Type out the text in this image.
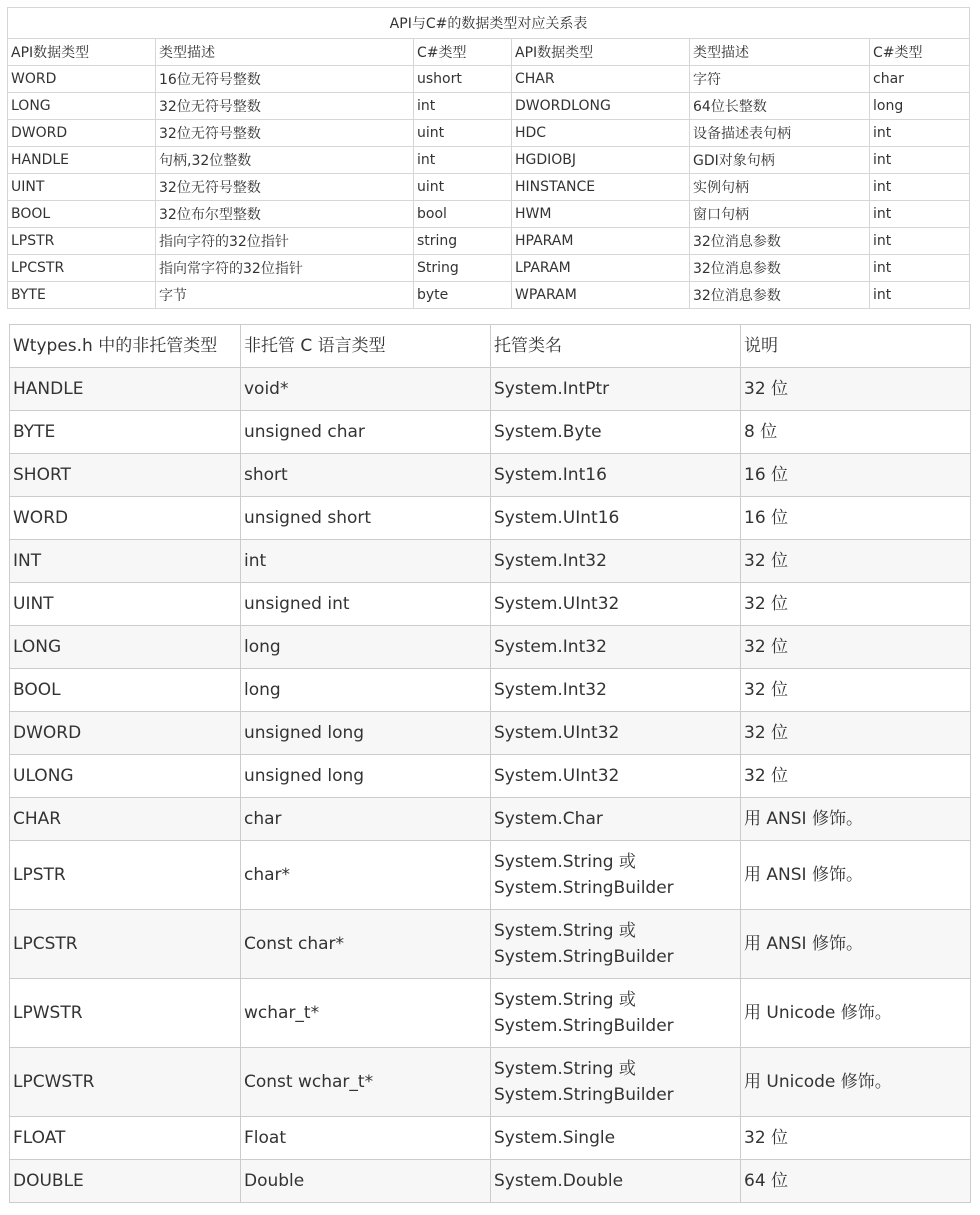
API与C#的数据类型对应关系表					
API数据类型	类型描述	C#类型	API数据类型	类型描述	C#类型
WORD	16位无符号整数	ushort	CHAR	字符	char
LONG	32位无符号整数	int	DWORDLONG	64位长整数	long
DWORD	32位无符号整数	uint	HDC	设备描述表句柄	int
HANDLE	句柄,32位整数	int	HGDIOBJ	GDI对象句柄	int
UINT	32位无符号整数	uint	HINSTANCE	实例句柄	int
BOOL	32位布尔型整数	bool	HWM	窗口句柄	int
LPSTR	指向字符的32位指针	string	HPARAM	32位消息参数	int
LPCSTR	指向常字符的32位指针	String	LPARAM	32位消息参数	int
BYTE	字节	byte	WPARAM	32位消息参数	int
Wtypes.h 中的非托管类型	非托管 C 语言类型	托管类名	说明
HANDLE	void*	System.IntPtr	32 位
BYTE	unsigned char	System.Byte	8 位
SHORT	short	System.Int16	16 位
WORD	unsigned short	System.UInt16	16 位
INT	int	System.Int32	32 位
UINT	unsigned int	System.UInt32	32 位
LONG	long	System.Int32	32 位
BOOL	long	System.Int32	32 位
DWORD	unsigned long	System.UInt32	32 位
ULONG	unsigned long	System.UInt32	32 位
CHAR	char	System.Char	用 ANSI 修饰。
LPSTR	char*	System.String 或 System.StringBuilder	用 ANSI 修饰。
LPCSTR	Const char*	System.String 或 System.StringBuilder	用 ANSI 修饰。
LPWSTR	wchar_t*	System.String 或 System.StringBuilder	用 Unicode 修饰。
LPCWSTR	Const wchar_t*	System.String 或 System.StringBuilder	用 Unicode 修饰。
FLOAT	Float	System.Single	32 位
DOUBLE	Double	System.Double	64 位
